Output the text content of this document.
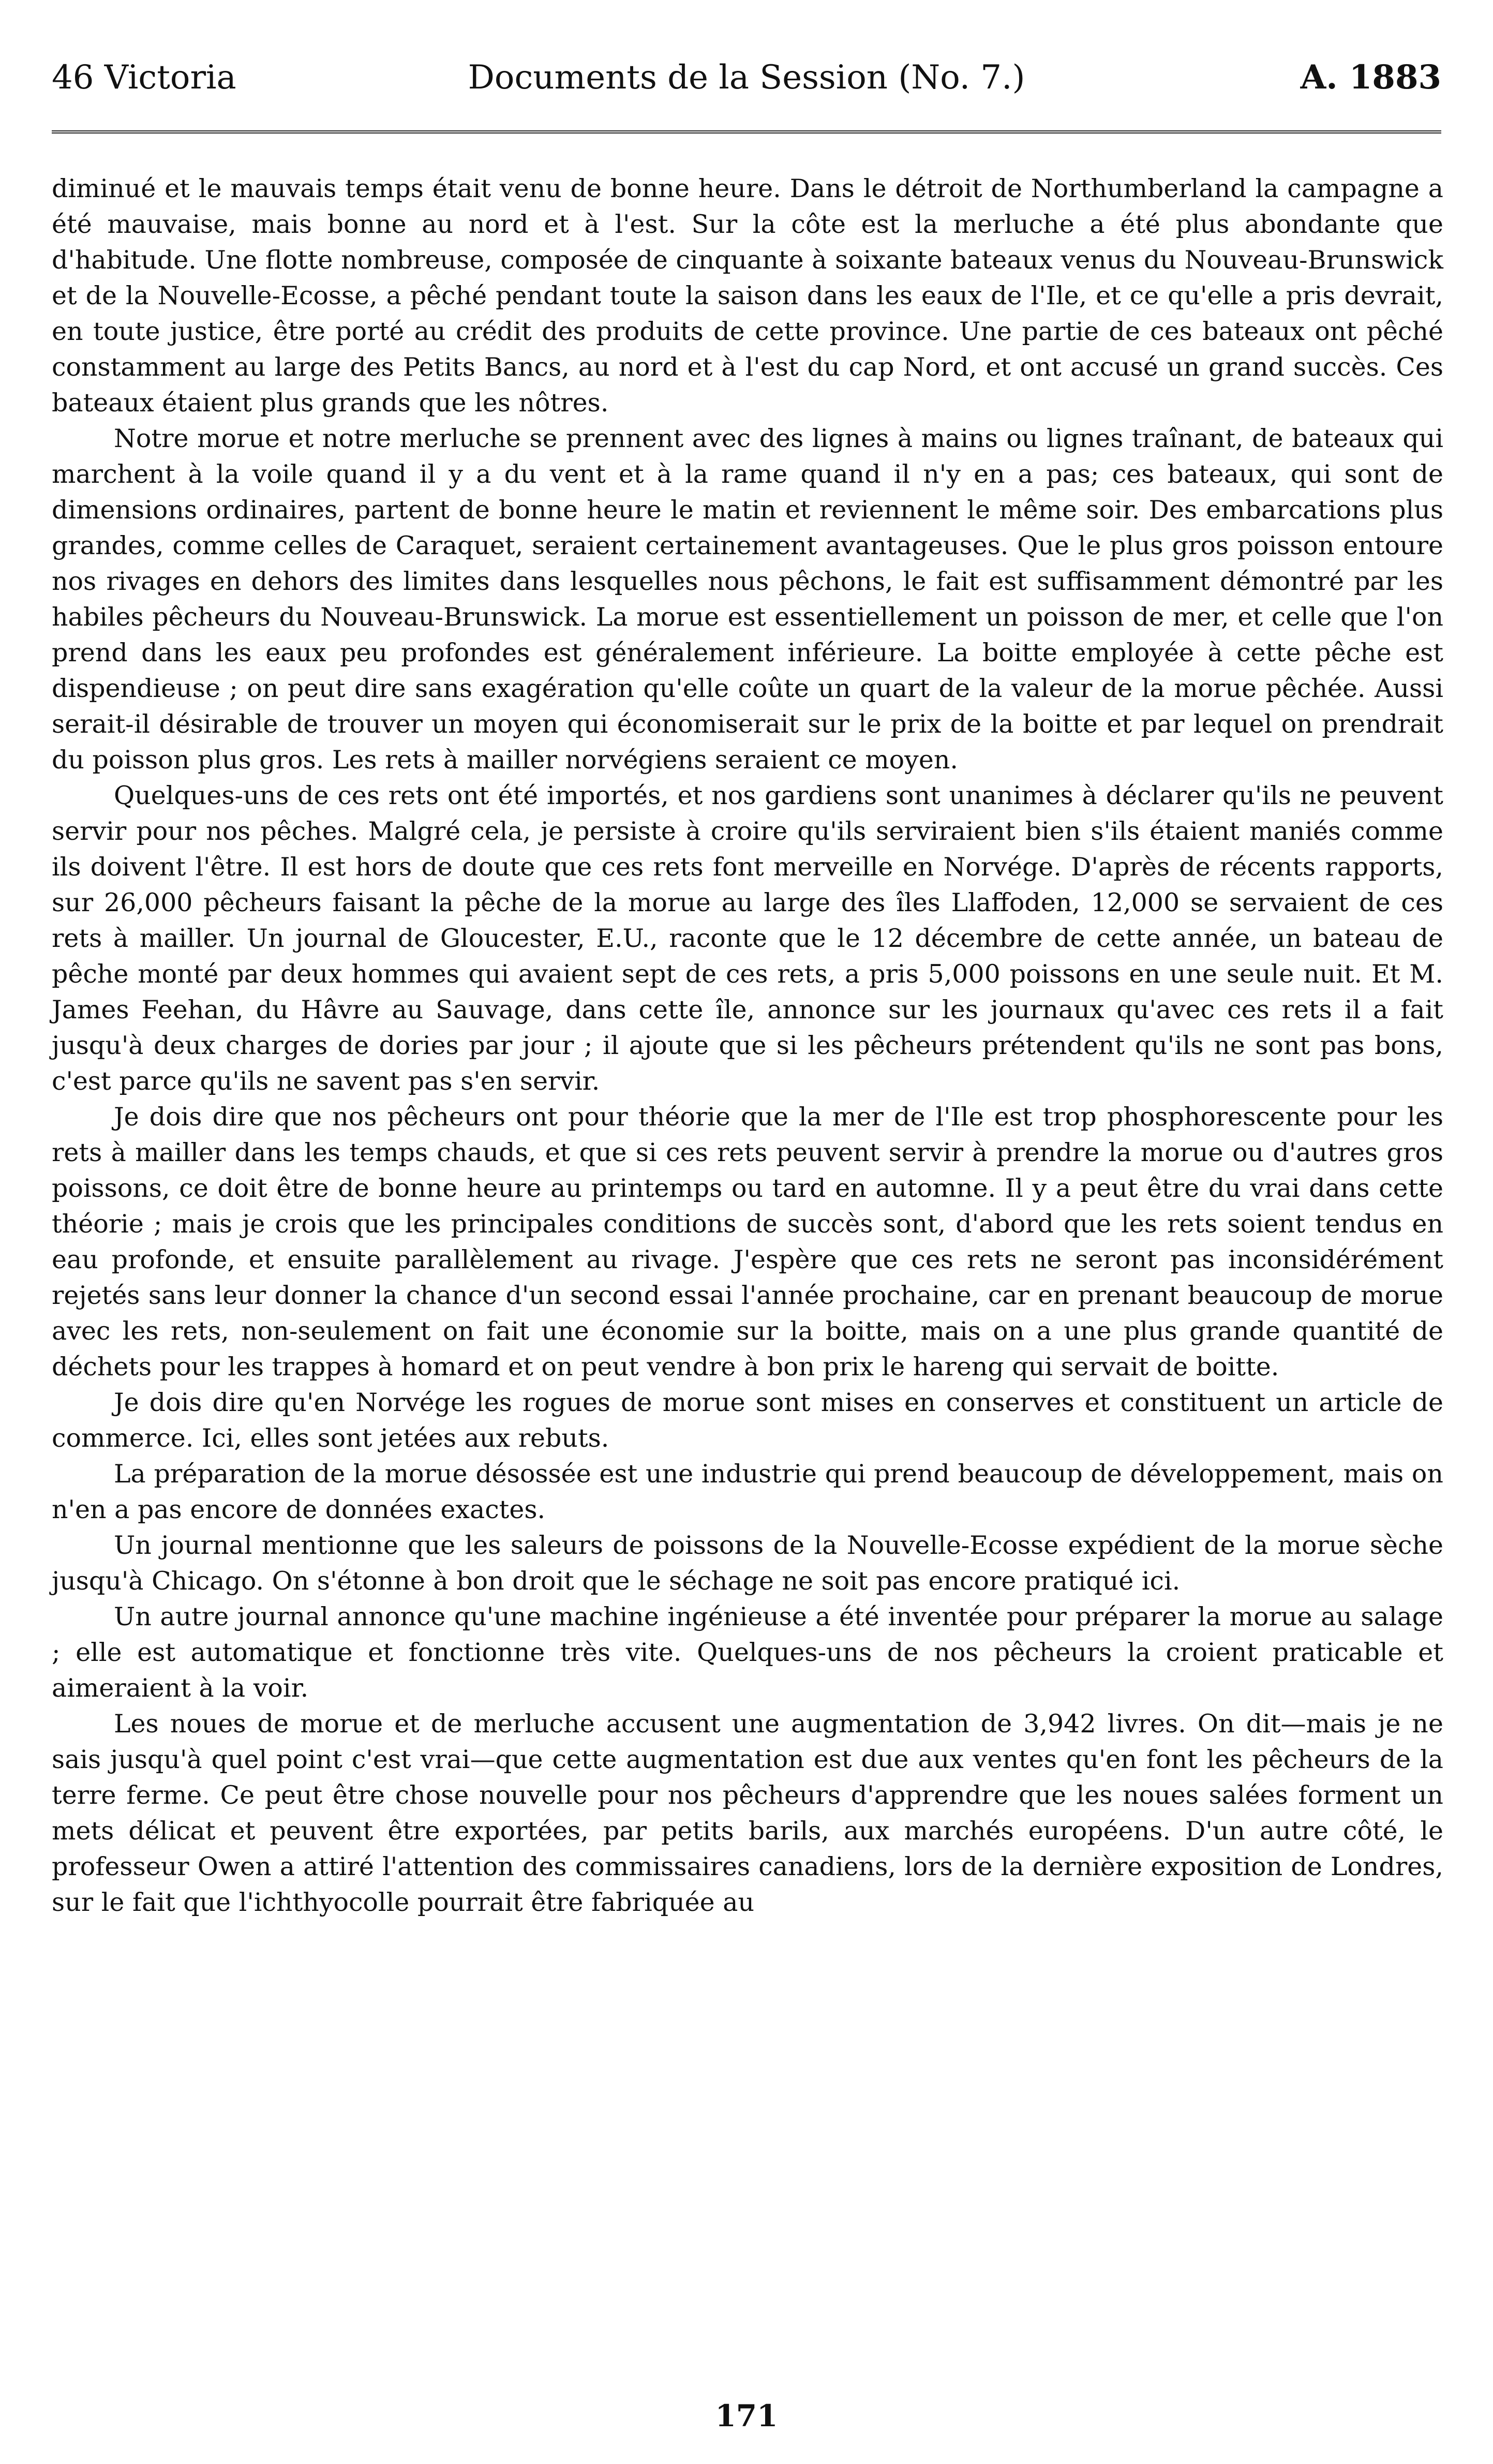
46 Victoria	Documents de la Session (No. 7.)	A. 1883

diminué et le mauvais temps était venu de bonne heure. Dans le détroit de Northumberland la campagne a été mauvaise, mais bonne au nord et à l'est. Sur la côte est la merluche a été plus abondante que d'habitude. Une flotte nombreuse, composée de cinquante à soixante bateaux venus du Nouveau-Brunswick et de la Nouvelle-Ecosse, a pêché pendant toute la saison dans les eaux de l'Ile, et ce qu'elle a pris devrait, en toute justice, être porté au crédit des produits de cette province. Une partie de ces bateaux ont pêché constamment au large des Petits Bancs, au nord et à l'est du cap Nord, et ont accusé un grand succès. Ces bateaux étaient plus grands que les nôtres.

Notre morue et notre merluche se prennent avec des lignes à mains ou lignes traînant, de bateaux qui marchent à la voile quand il y a du vent et à la rame quand il n'y en a pas; ces bateaux, qui sont de dimensions ordinaires, partent de bonne heure le matin et reviennent le même soir. Des embarcations plus grandes, comme celles de Caraquet, seraient certainement avantageuses. Que le plus gros poisson entoure nos rivages en dehors des limites dans lesquelles nous pêchons, le fait est suffisamment démontré par les habiles pêcheurs du Nouveau-Brunswick. La morue est essentiellement un poisson de mer, et celle que l'on prend dans les eaux peu profondes est généralement inférieure. La boitte employée à cette pêche est dispendieuse ; on peut dire sans exagération qu'elle coûte un quart de la valeur de la morue pêchée. Aussi serait-il désirable de trouver un moyen qui économiserait sur le prix de la boitte et par lequel on prendrait du poisson plus gros. Les rets à mailler norvégiens seraient ce moyen.

Quelques-uns de ces rets ont été importés, et nos gardiens sont unanimes à déclarer qu'ils ne peuvent servir pour nos pêches. Malgré cela, je persiste à croire qu'ils serviraient bien s'ils étaient maniés comme ils doivent l'être. Il est hors de doute que ces rets font merveille en Norvége. D'après de récents rapports, sur 26,000 pêcheurs faisant la pêche de la morue au large des îles Llaffoden, 12,000 se servaient de ces rets à mailler. Un journal de Gloucester, E.U., raconte que le 12 décembre de cette année, un bateau de pêche monté par deux hommes qui avaient sept de ces rets, a pris 5,000 poissons en une seule nuit. Et M. James Feehan, du Hâvre au Sauvage, dans cette île, annonce sur les journaux qu'avec ces rets il a fait jusqu'à deux charges de dories par jour ; il ajoute que si les pêcheurs prétendent qu'ils ne sont pas bons, c'est parce qu'ils ne savent pas s'en servir.

Je dois dire que nos pêcheurs ont pour théorie que la mer de l'Ile est trop phosphorescente pour les rets à mailler dans les temps chauds, et que si ces rets peuvent servir à prendre la morue ou d'autres gros poissons, ce doit être de bonne heure au printemps ou tard en automne. Il y a peut être du vrai dans cette théorie ; mais je crois que les principales conditions de succès sont, d'abord que les rets soient tendus en eau profonde, et ensuite parallèlement au rivage. J'espère que ces rets ne seront pas inconsidérément rejetés sans leur donner la chance d'un second essai l'année prochaine, car en prenant beaucoup de morue avec les rets, non-seulement on fait une économie sur la boitte, mais on a une plus grande quantité de déchets pour les trappes à homard et on peut vendre à bon prix le hareng qui servait de boitte.

Je dois dire qu'en Norvége les rogues de morue sont mises en conserves et constituent un article de commerce. Ici, elles sont jetées aux rebuts.

La préparation de la morue désossée est une industrie qui prend beaucoup de développement, mais on n'en a pas encore de données exactes.

Un journal mentionne que les saleurs de poissons de la Nouvelle-Ecosse expédient de la morue sèche jusqu'à Chicago. On s'étonne à bon droit que le séchage ne soit pas encore pratiqué ici.

Un autre journal annonce qu'une machine ingénieuse a été inventée pour préparer la morue au salage ; elle est automatique et fonctionne très vite. Quelques-uns de nos pêcheurs la croient praticable et aimeraient à la voir.

Les noues de morue et de merluche accusent une augmentation de 3,942 livres. On dit—mais je ne sais jusqu'à quel point c'est vrai—que cette augmentation est due aux ventes qu'en font les pêcheurs de la terre ferme. Ce peut être chose nouvelle pour nos pêcheurs d'apprendre que les noues salées forment un mets délicat et peuvent être exportées, par petits barils, aux marchés européens. D'un autre côté, le professeur Owen a attiré l'attention des commissaires canadiens, lors de la dernière exposition de Londres, sur le fait que l'ichthyocolle pourrait être fabriquée au

171
